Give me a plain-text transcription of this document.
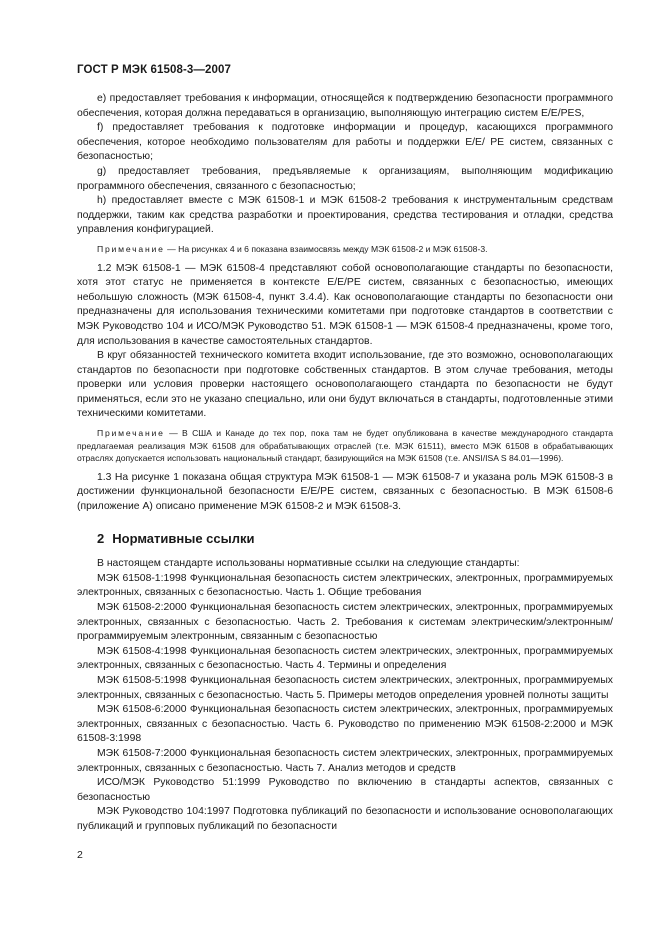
ГОСТ Р МЭК 61508-3—2007

е) предоставляет требования к информации, относящейся к подтверждению безопасности программного обеспечения, которая должна передаваться в организацию, выполняющую интеграцию систем E/E/PES,

f) предоставляет требования к подготовке информации и процедур, касающихся программного обеспечения, которое необходимо пользователям для работы и поддержки E/E/ PE систем, связанных с безопасностью;

g) предоставляет требования, предъявляемые к организациям, выполняющим модификацию программного обеспечения, связанного с безопасностью;

h) предоставляет вместе с МЭК 61508-1 и МЭК 61508-2 требования к инструментальным средствам поддержки, таким как средства разработки и проектирования, средства тестирования и отладки, средства управления конфигурацией.

Примечание — На рисунках 4 и 6 показана взаимосвязь между МЭК 61508-2 и МЭК 61508-3.

1.2 МЭК 61508-1 — МЭК 61508-4 представляют собой основополагающие стандарты по безопасности, хотя этот статус не применяется в контексте E/E/PE систем, связанных с безопасностью, имеющих небольшую сложность (МЭК 61508-4, пункт 3.4.4). Как основополагающие стандарты по безопасности они предназначены для использования техническими комитетами при подготовке стандартов в соответствии с МЭК Руководство 104 и ИСО/МЭК Руководство 51. МЭК 61508-1 — МЭК 61508-4 предназначены, кроме того, для использования в качестве самостоятельных стандартов.

В круг обязанностей технического комитета входит использование, где это возможно, основополагающих стандартов по безопасности при подготовке собственных стандартов. В этом случае требования, методы проверки или условия проверки настоящего основополагающего стандарта по безопасности не будут применяться, если это не указано специально, или они будут включаться в стандарты, подготовленные этими техническими комитетами.

Примечание — В США и Канаде до тех пор, пока там не будет опубликована в качестве международного стандарта предлагаемая реализация МЭК 61508 для обрабатывающих отраслей (т.е. МЭК 61511), вместо МЭК 61508 в обрабатывающих отраслях допускается использовать национальный стандарт, базирующийся на МЭК 61508 (т.е. ANSI/ISA S 84.01—1996).

1.3 На рисунке 1 показана общая структура МЭК 61508-1 — МЭК 61508-7 и указана роль МЭК 61508-3 в достижении функциональной безопасности E/E/PE систем, связанных с безопасностью. В МЭК 61508-6 (приложение А) описано применение МЭК 61508-2 и МЭК 61508-3.

2 Нормативные ссылки

В настоящем стандарте использованы нормативные ссылки на следующие стандарты:

МЭК 61508-1:1998 Функциональная безопасность систем электрических, электронных, программируемых электронных, связанных с безопасностью. Часть 1. Общие требования

МЭК 61508-2:2000 Функциональная безопасность систем электрических, электронных, программируемых электронных, связанных с безопасностью. Часть 2. Требования к системам электрическим/электронным/программируемым электронным, связанным с безопасностью

МЭК 61508-4:1998 Функциональная безопасность систем электрических, электронных, программируемых электронных, связанных с безопасностью. Часть 4. Термины и определения

МЭК 61508-5:1998 Функциональная безопасность систем электрических, электронных, программируемых электронных, связанных с безопасностью. Часть 5. Примеры методов определения уровней полноты защиты

МЭК 61508-6:2000 Функциональная безопасность систем электрических, электронных, программируемых электронных, связанных с безопасностью. Часть 6. Руководство по применению МЭК 61508-2:2000 и МЭК 61508-3:1998

МЭК 61508-7:2000 Функциональная безопасность систем электрических, электронных, программируемых электронных, связанных с безопасностью. Часть 7. Анализ методов и средств

ИСО/МЭК Руководство 51:1999 Руководство по включению в стандарты аспектов, связанных с безопасностью

МЭК Руководство 104:1997 Подготовка публикаций по безопасности и использование основополагающих публикаций и групповых публикаций по безопасности

2
